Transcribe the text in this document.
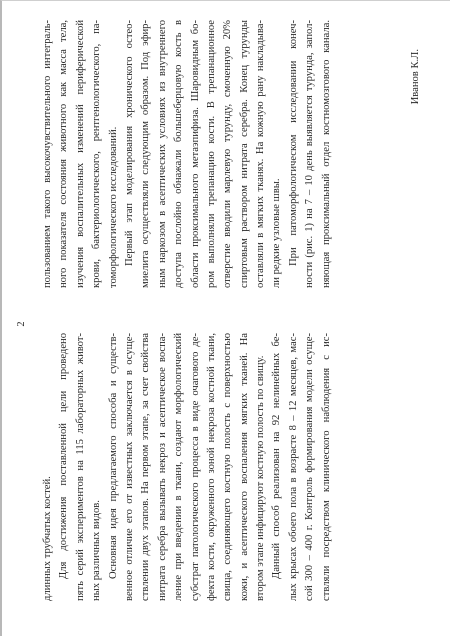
2
длинных трубчатых костей. Для достижения поставленной цели проведено пять серий экспериментов на 115 лабораторных живот- ных различных видов. Основная идея предлагаемого способа и существ- венное отличие его от известных заключается в осуще- ствлении двух этапов. На первом этапе, за счет свойства нитрата серебра вызывать некроз и асептическое воспа- ление при введении в ткани, создают морфологический субстрат патологического процесса в виде очагового де- фекта кости, окруженного зоной некроза костной ткани, свища, соединяющего костную полость с поверхностью кожи, и асептического воспаления мягких тканей. На втором этапе инфицируют костную полость по свищу. Данный способ реализован на 92 нелинейных бе- лых крысах обоего пола в возрасте 8 – 12 месяцев, мас- сой 300 – 400 г. Контроль формирования модели осуще- ствляли посредством клинического наблюдения с ис-
пользованием такого высокочувствительного интеграль- ного показателя состояния животного как масса тела, изучения воспалительных изменений периферической крови, бактериологического, рентгенологического, па- томорфологического исследований. Первый этап моделирования хронического остео- миелита осуществляли следующим образом. Под эфир- ным наркозом в асептических условиях из внутреннего доступа послойно обнажали большеберцовую кость в области проксимального метаэпифиза. Шаровидным бо- ром выполняли трепанацию кости. В трепанационное отверстие вводили марлевую турунду, смоченную 20% спиртовым раствором нитрата серебра. Конец турунды оставляли в мягких тканях. На кожную рану накладыва- ли редкие узловые швы. При патоморфологическом исследовании конеч- ности (рис. 1) на 7 – 10 день выявляется турунда, запол- няющая проксимальный отдел костномозгового канала.	Иванов К.Л.
